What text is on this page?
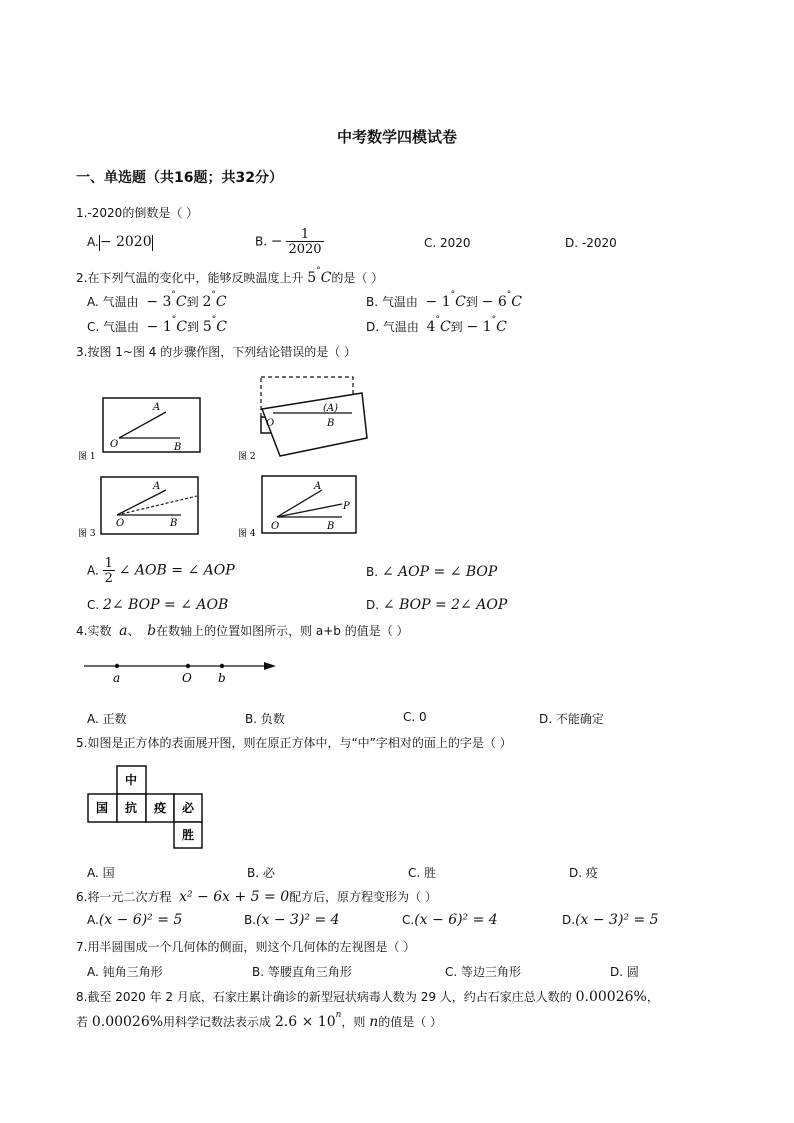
中考数学四模试卷
一、单选题（共16题；共32分）
1.-2020的倒数是（ ）
A.− 2020	B. − $\frac{1}{2020}$	C. 2020	D. -2020
2.在下列气温的变化中，能够反映温度上升 5°C的是（ ）
A. 气温由 − 3°C到 2°C	B. 气温由 − 1°C到 − 6°C
C. 气温由 − 1°C到 5°C	D. 气温由 4°C到 − 1°C
3.按图 1~图 4 的步骤作图，下列结论错误的是（ ）
A
O	B
图 1
(A)
O	B
图 2
A
O	B
图 3
A
O	B
P
图 4
A. $\frac{1}{2}$ ∠ AOB = ∠ AOP	B. ∠ AOP = ∠ BOP
C. 2∠ BOP = ∠ AOB	D. ∠ BOP = 2∠ AOP
4.实数 a、 b在数轴上的位置如图所示，则 a+b 的值是（ ）
a	O b
A. 正数	B. 负数	C. 0	D. 不能确定
5.如图是正方体的表面展开图，则在原正方体中，与“中”字相对的面上的字是（ ）
中
国 抗 疫 必
胜
A. 国	B. 必	C. 胜	D. 疫
6.将一元二次方程 x² − 6x + 5 = 0配方后，原方程变形为（ ）
A.(x − 6)² = 5	B.(x − 3)² = 4	C.(x − 6)² = 4	D.(x − 3)² = 5
7.用半圆围成一个几何体的侧面，则这个几何体的左视图是（ ）
A. 钝角三角形	B. 等腰直角三角形	C. 等边三角形	D. 圆
8.截至 2020 年 2 月底，石家庄累计确诊的新型冠状病毒人数为 29 人，约占石家庄总人数的 0.00026%，
若 0.00026%用科学记数法表示成 $2.6 \times 10^n$，则 n的值是（ ）
